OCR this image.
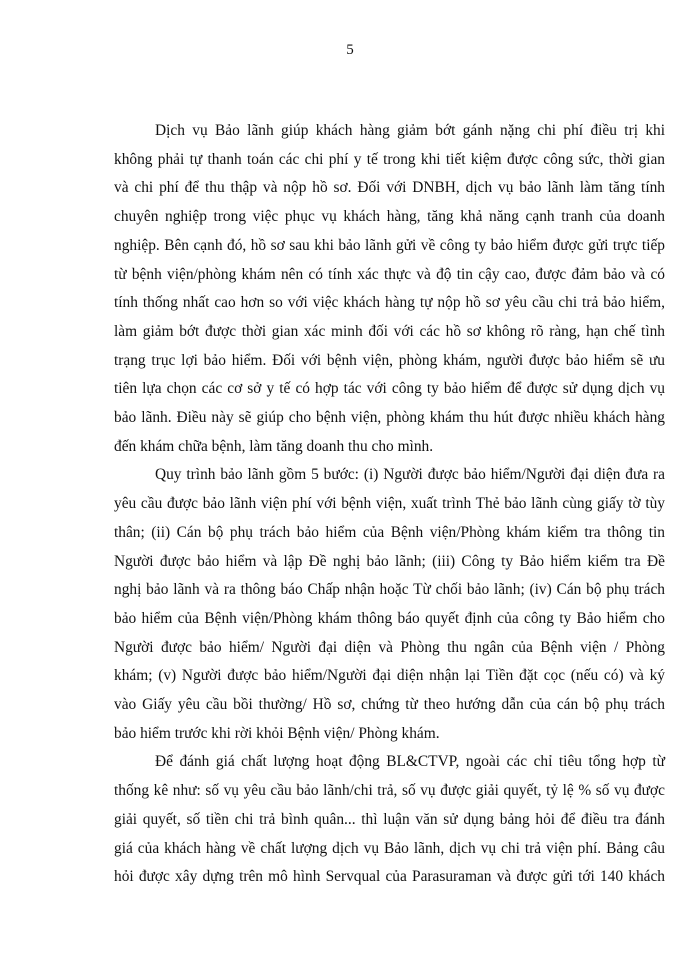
5
Dịch vụ Bảo lãnh giúp khách hàng giảm bớt gánh nặng chi phí điều trị khi
không phải tự thanh toán các chi phí y tế trong khi tiết kiệm được công sức, thời gian
và chi phí để thu thập và nộp hồ sơ. Đối với DNBH, dịch vụ bảo lãnh làm tăng tính
chuyên nghiệp trong việc phục vụ khách hàng, tăng khả năng cạnh tranh của doanh
nghiệp. Bên cạnh đó, hồ sơ sau khi bảo lãnh gửi về công ty bảo hiểm được gửi trực tiếp
từ bệnh viện/phòng khám nên có tính xác thực và độ tin cậy cao, được đảm bảo và có
tính thống nhất cao hơn so với việc khách hàng tự nộp hồ sơ yêu cầu chi trả bảo hiểm,
làm giảm bớt được thời gian xác minh đối với các hồ sơ không rõ ràng, hạn chế tình
trạng trục lợi bảo hiểm. Đối với bệnh viện, phòng khám, người được bảo hiểm sẽ ưu
tiên lựa chọn các cơ sở y tế có hợp tác với công ty bảo hiểm để được sử dụng dịch vụ
bảo lãnh. Điều này sẽ giúp cho bệnh viện, phòng khám thu hút được nhiều khách hàng
đến khám chữa bệnh, làm tăng doanh thu cho mình.
Quy trình bảo lãnh gồm 5 bước: (i) Người được bảo hiểm/Người đại diện đưa ra
yêu cầu được bảo lãnh viện phí với bệnh viện, xuất trình Thẻ bảo lãnh cùng giấy tờ tùy
thân; (ii) Cán bộ phụ trách bảo hiểm của Bệnh viện/Phòng khám kiểm tra thông tin
Người được bảo hiểm và lập Đề nghị bảo lãnh; (iii) Công ty Bảo hiểm kiểm tra Đề
nghị bảo lãnh và ra thông báo Chấp nhận hoặc Từ chối bảo lãnh; (iv) Cán bộ phụ trách
bảo hiểm của Bệnh viện/Phòng khám thông báo quyết định của công ty Bảo hiểm cho
Người được bảo hiểm/ Người đại diện và Phòng thu ngân của Bệnh viện / Phòng
khám; (v) Người được bảo hiểm/Người đại diện nhận lại Tiền đặt cọc (nếu có) và ký
vào Giấy yêu cầu bồi thường/ Hồ sơ, chứng từ theo hướng dẫn của cán bộ phụ trách
bảo hiểm trước khi rời khỏi Bệnh viện/ Phòng khám.
Để đánh giá chất lượng hoạt động BL&CTVP, ngoài các chỉ tiêu tổng hợp từ
thống kê như: số vụ yêu cầu bảo lãnh/chi trả, số vụ được giải quyết, tỷ lệ % số vụ được
giải quyết, số tiền chi trả bình quân... thì luận văn sử dụng bảng hỏi để điều tra đánh
giá của khách hàng về chất lượng dịch vụ Bảo lãnh, dịch vụ chi trả viện phí. Bảng câu
hỏi được xây dựng trên mô hình Servqual của Parasuraman và được gửi tới 140 khách
